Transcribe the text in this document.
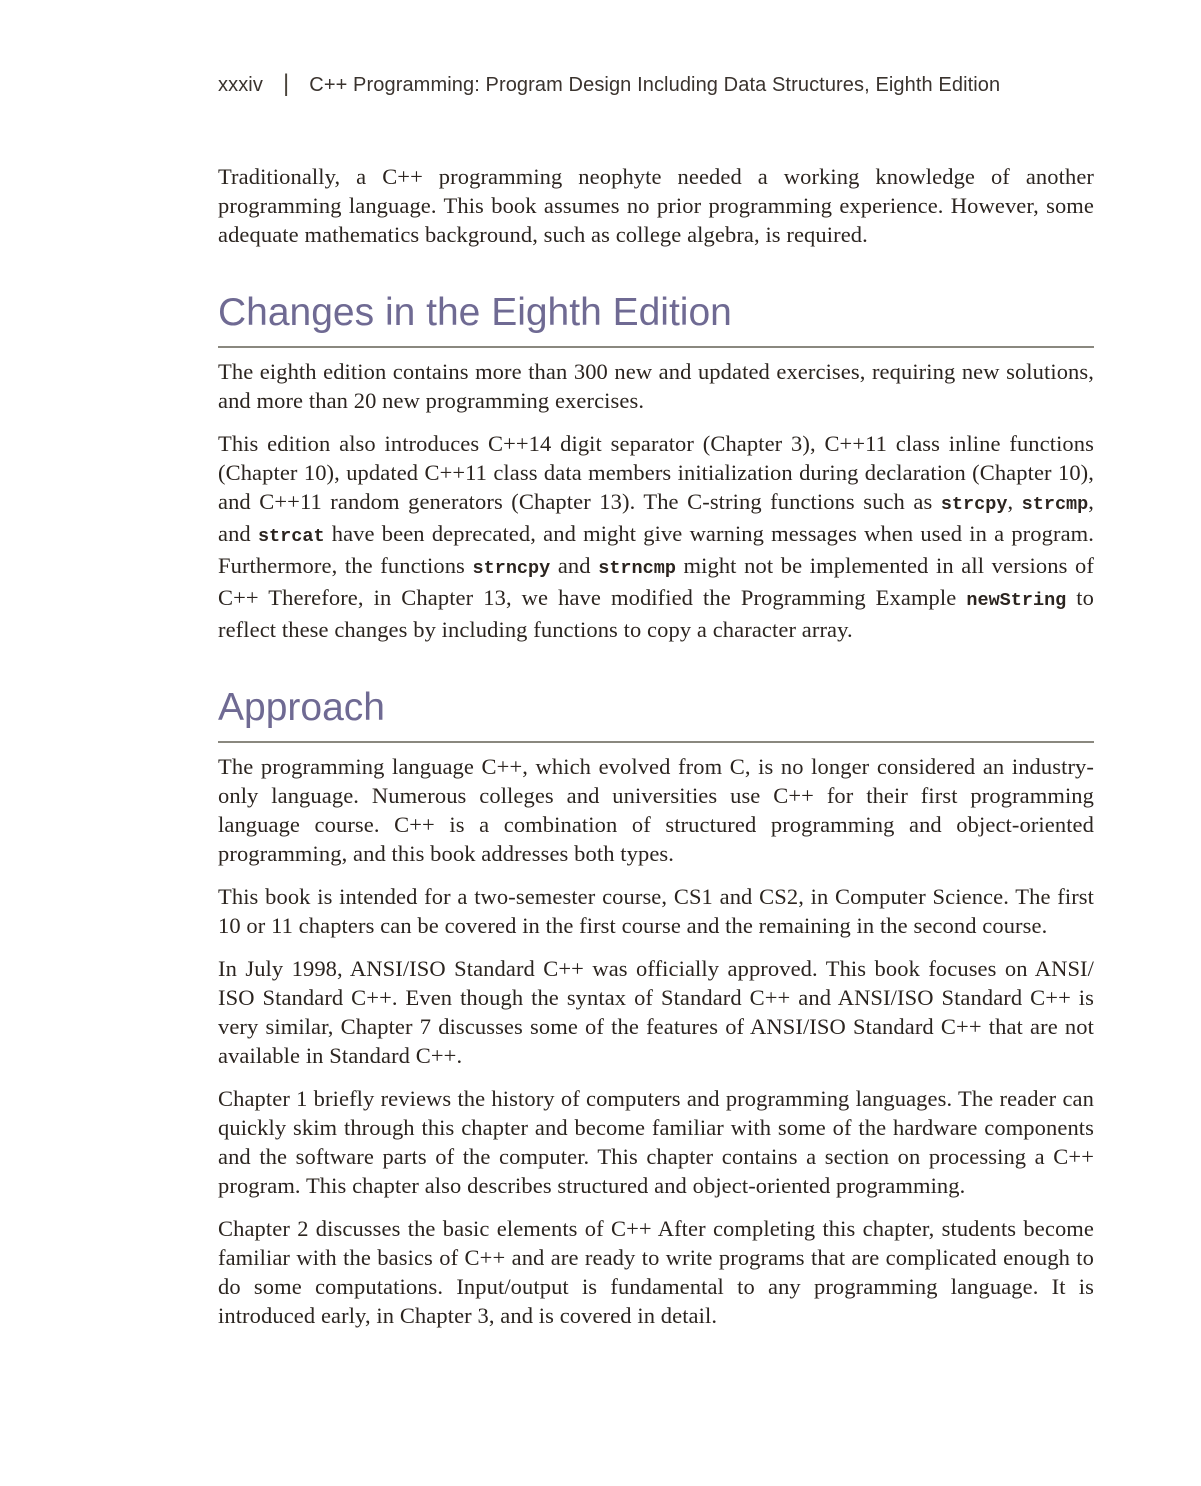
xxxiv | C++ Programming: Program Design Including Data Structures, Eighth Edition

Traditionally, a C++ programming neophyte needed a working knowledge of another programming language. This book assumes no prior programming experience. However, some adequate mathematics background, such as college algebra, is required.

Changes in the Eighth Edition

The eighth edition contains more than 300 new and updated exercises, requiring new solutions, and more than 20 new programming exercises.

This edition also introduces C++14 digit separator (Chapter 3), C++11 class inline functions (Chapter 10), updated C++11 class data members initialization during declaration (Chapter 10), and C++11 random generators (Chapter 13). The C-string functions such as strcpy, strcmp, and strcat have been deprecated, and might give warning messages when used in a program. Furthermore, the functions strncpy and strncmp might not be implemented in all versions of C++ Therefore, in Chapter 13, we have modified the Programming Example newString to reflect these changes by including functions to copy a character array.

Approach

The programming language C++, which evolved from C, is no longer considered an industry-only language. Numerous colleges and universities use C++ for their first programming language course. C++ is a combination of structured programming and object-oriented programming, and this book addresses both types.

This book is intended for a two-semester course, CS1 and CS2, in Computer Science. The first 10 or 11 chapters can be covered in the first course and the remaining in the second course.

In July 1998, ANSI/ISO Standard C++ was officially approved. This book focuses on ANSI/ ISO Standard C++. Even though the syntax of Standard C++ and ANSI/ISO Standard C++ is very similar, Chapter 7 discusses some of the features of ANSI/ISO Standard C++ that are not available in Standard C++.

Chapter 1 briefly reviews the history of computers and programming languages. The reader can quickly skim through this chapter and become familiar with some of the hardware components and the software parts of the computer. This chapter contains a section on processing a C++ program. This chapter also describes structured and object-oriented programming.

Chapter 2 discusses the basic elements of C++ After completing this chapter, students become familiar with the basics of C++ and are ready to write programs that are complicated enough to do some computations. Input/output is fundamental to any programming language. It is introduced early, in Chapter 3, and is covered in detail.
